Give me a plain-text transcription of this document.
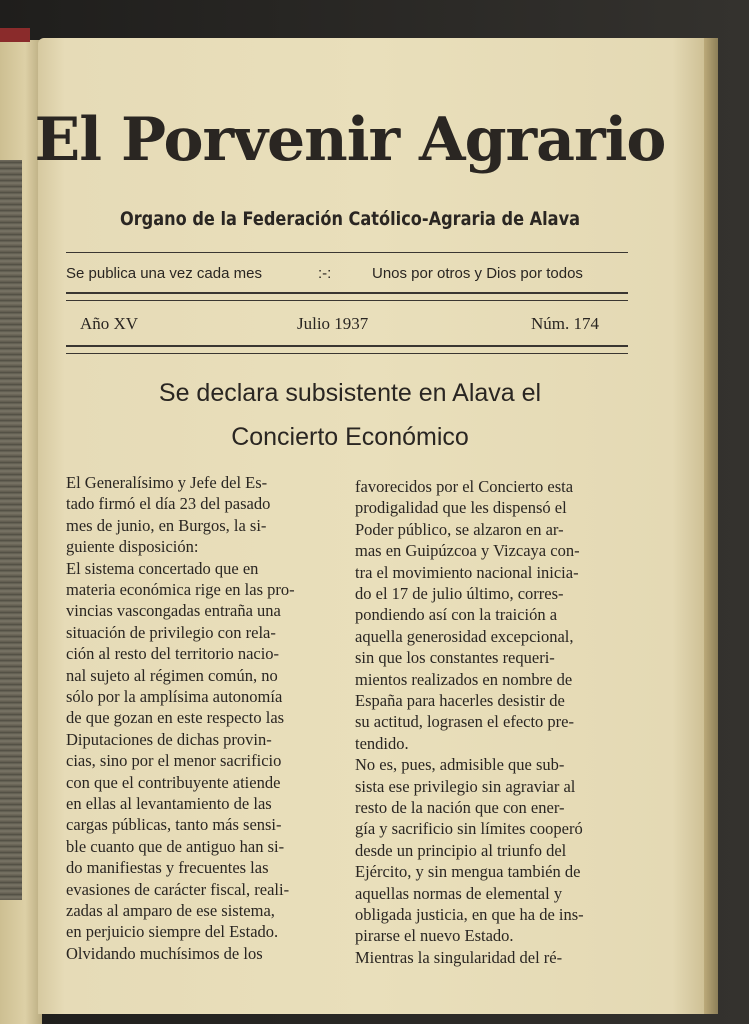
El Porvenir Agrario
Organo de la Federación Católico-Agraria de Alava
Se publica una vez cada mes	:-:	Unos por otros y Dios por todos
Año XV	Julio 1937	Núm. 174
Se declara subsistente en Alava el
Concierto Económico
El Generalísimo y Jefe del Es-
tado firmó el día 23 del pasado
mes de junio, en Burgos, la si-
guiente disposición:
El sistema concertado que en
materia económica rige en las pro-
vincias vascongadas entraña una
situación de privilegio con rela-
ción al resto del territorio nacio-
nal sujeto al régimen común, no
sólo por la amplísima autonomía
de que gozan en este respecto las
Diputaciones de dichas provin-
cias, sino por el menor sacrificio
con que el contribuyente atiende
en ellas al levantamiento de las
cargas públicas, tanto más sensi-
ble cuanto que de antiguo han si-
do manifiestas y frecuentes las
evasiones de carácter fiscal, reali-
zadas al amparo de ese sistema,
en perjuicio siempre del Estado.
Olvidando muchísimos de los
favorecidos por el Concierto esta
prodigalidad que les dispensó el
Poder público, se alzaron en ar-
mas en Guipúzcoa y Vizcaya con-
tra el movimiento nacional inicia-
do el 17 de julio último, corres-
pondiendo así con la traición a
aquella generosidad excepcional,
sin que los constantes requeri-
mientos realizados en nombre de
España para hacerles desistir de
su actitud, lograsen el efecto pre-
tendido.
No es, pues, admisible que sub-
sista ese privilegio sin agraviar al
resto de la nación que con ener-
gía y sacrificio sin límites cooperó
desde un principio al triunfo del
Ejército, y sin mengua también de
aquellas normas de elemental y
obligada justicia, en que ha de ins-
pirarse el nuevo Estado.
Mientras la singularidad del ré-
